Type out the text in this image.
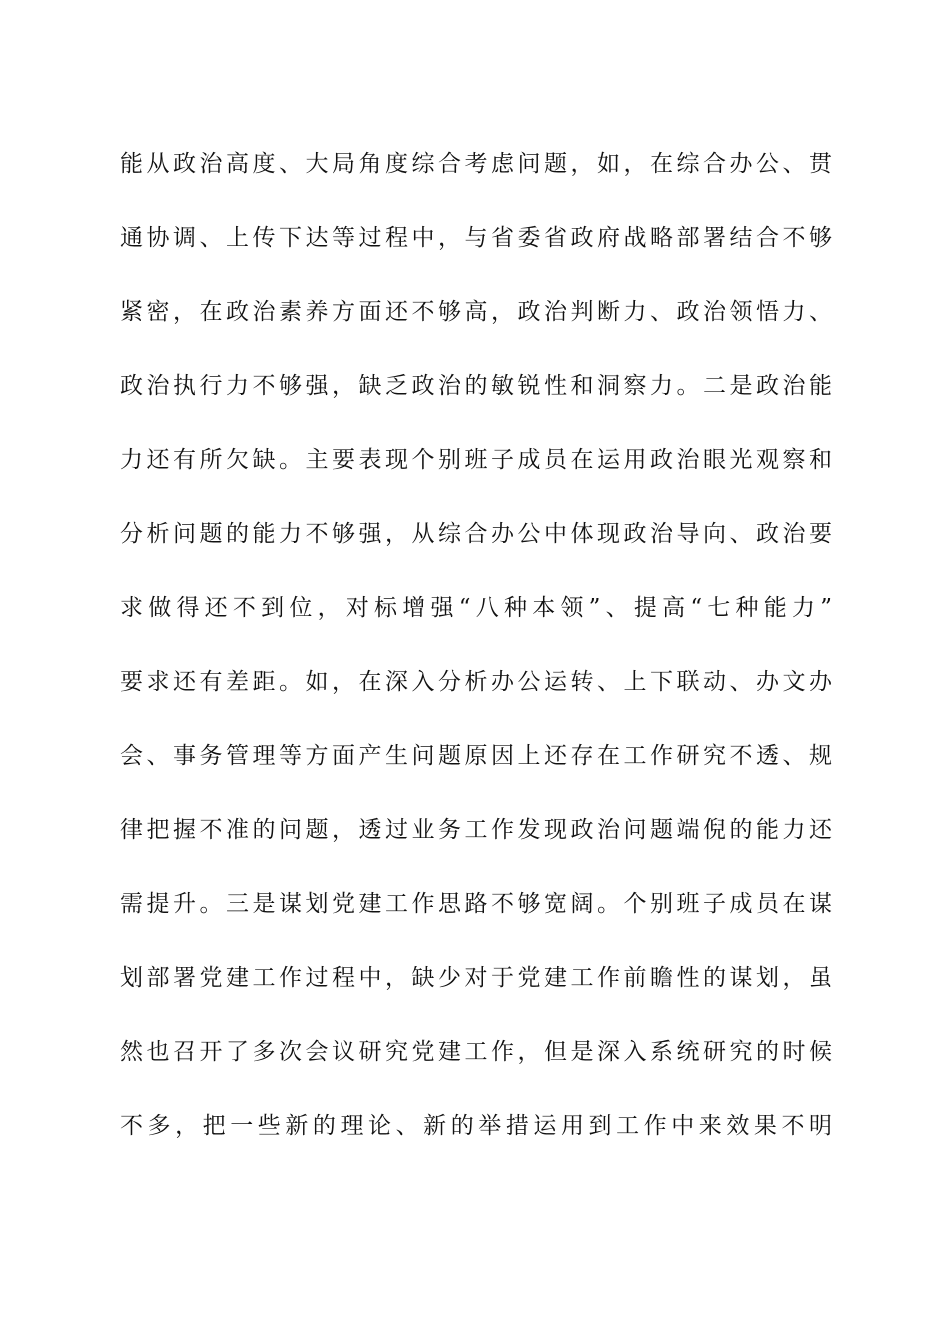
能从政治高度、大局角度综合考虑问题，如，在综合办公、贯
通协调、上传下达等过程中，与省委省政府战略部署结合不够
紧密，在政治素养方面还不够高，政治判断力、政治领悟力、
政治执行力不够强，缺乏政治的敏锐性和洞察力。二是政治能
力还有所欠缺。主要表现个别班子成员在运用政治眼光观察和
分析问题的能力不够强，从综合办公中体现政治导向、政治要
求做得还不到位，对标增强“八种本领”、提高“七种能力”
要求还有差距。如，在深入分析办公运转、上下联动、办文办
会、事务管理等方面产生问题原因上还存在工作研究不透、规
律把握不准的问题，透过业务工作发现政治问题端倪的能力还
需提升。三是谋划党建工作思路不够宽阔。个别班子成员在谋
划部署党建工作过程中，缺少对于党建工作前瞻性的谋划，虽
然也召开了多次会议研究党建工作，但是深入系统研究的时候
不多，把一些新的理论、新的举措运用到工作中来效果不明
